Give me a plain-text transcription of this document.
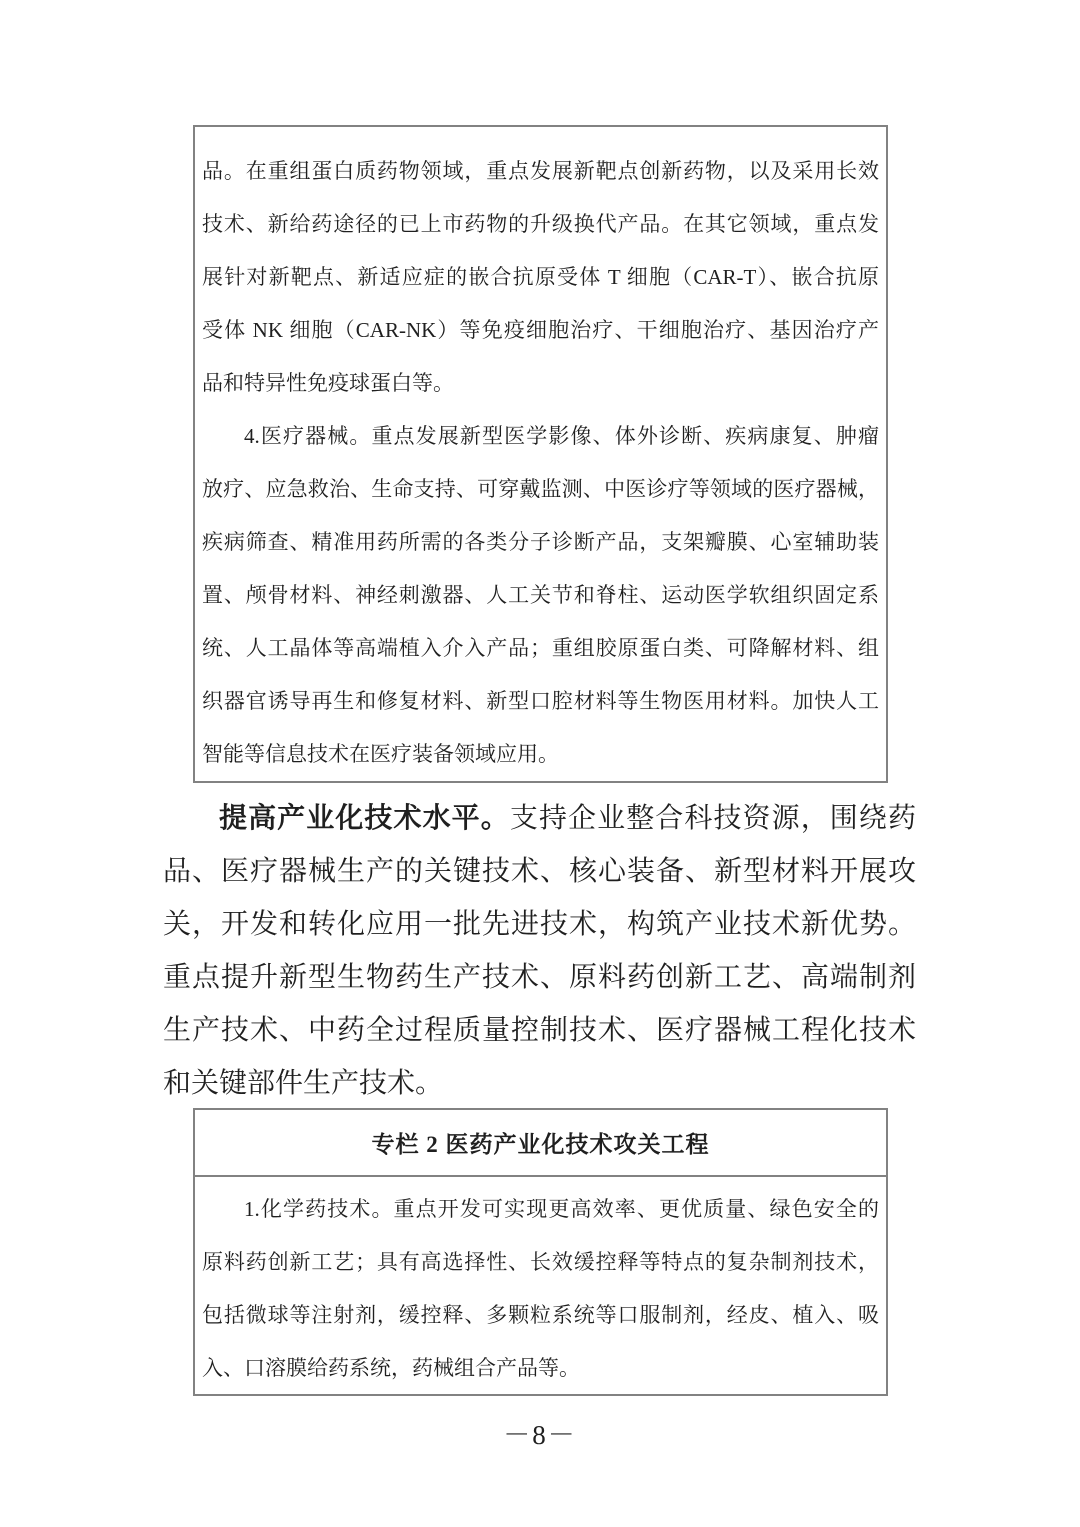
品。在重组蛋白质药物领域，重点发展新靶点创新药物，以及采用长效
技术、新给药途径的已上市药物的升级换代产品。在其它领域，重点发
展针对新靶点、新适应症的嵌合抗原受体 T 细胞（CAR-T）、嵌合抗原
受体 NK 细胞（CAR-NK）等免疫细胞治疗、干细胞治疗、基因治疗产
品和特异性免疫球蛋白等。
4.医疗器械。重点发展新型医学影像、体外诊断、疾病康复、肿瘤
放疗、应急救治、生命支持、可穿戴监测、中医诊疗等领域的医疗器械，
疾病筛查、精准用药所需的各类分子诊断产品，支架瓣膜、心室辅助装
置、颅骨材料、神经刺激器、人工关节和脊柱、运动医学软组织固定系
统、人工晶体等高端植入介入产品；重组胶原蛋白类、可降解材料、组
织器官诱导再生和修复材料、新型口腔材料等生物医用材料。加快人工
智能等信息技术在医疗装备领域应用。
提高产业化技术水平。支持企业整合科技资源，围绕药
品、医疗器械生产的关键技术、核心装备、新型材料开展攻
关，开发和转化应用一批先进技术，构筑产业技术新优势。
重点提升新型生物药生产技术、原料药创新工艺、高端制剂
生产技术、中药全过程质量控制技术、医疗器械工程化技术
和关键部件生产技术。
专栏 2 医药产业化技术攻关工程
1.化学药技术。重点开发可实现更高效率、更优质量、绿色安全的
原料药创新工艺；具有高选择性、长效缓控释等特点的复杂制剂技术，
包括微球等注射剂，缓控释、多颗粒系统等口服制剂，经皮、植入、吸
入、口溶膜给药系统，药械组合产品等。
－8－
